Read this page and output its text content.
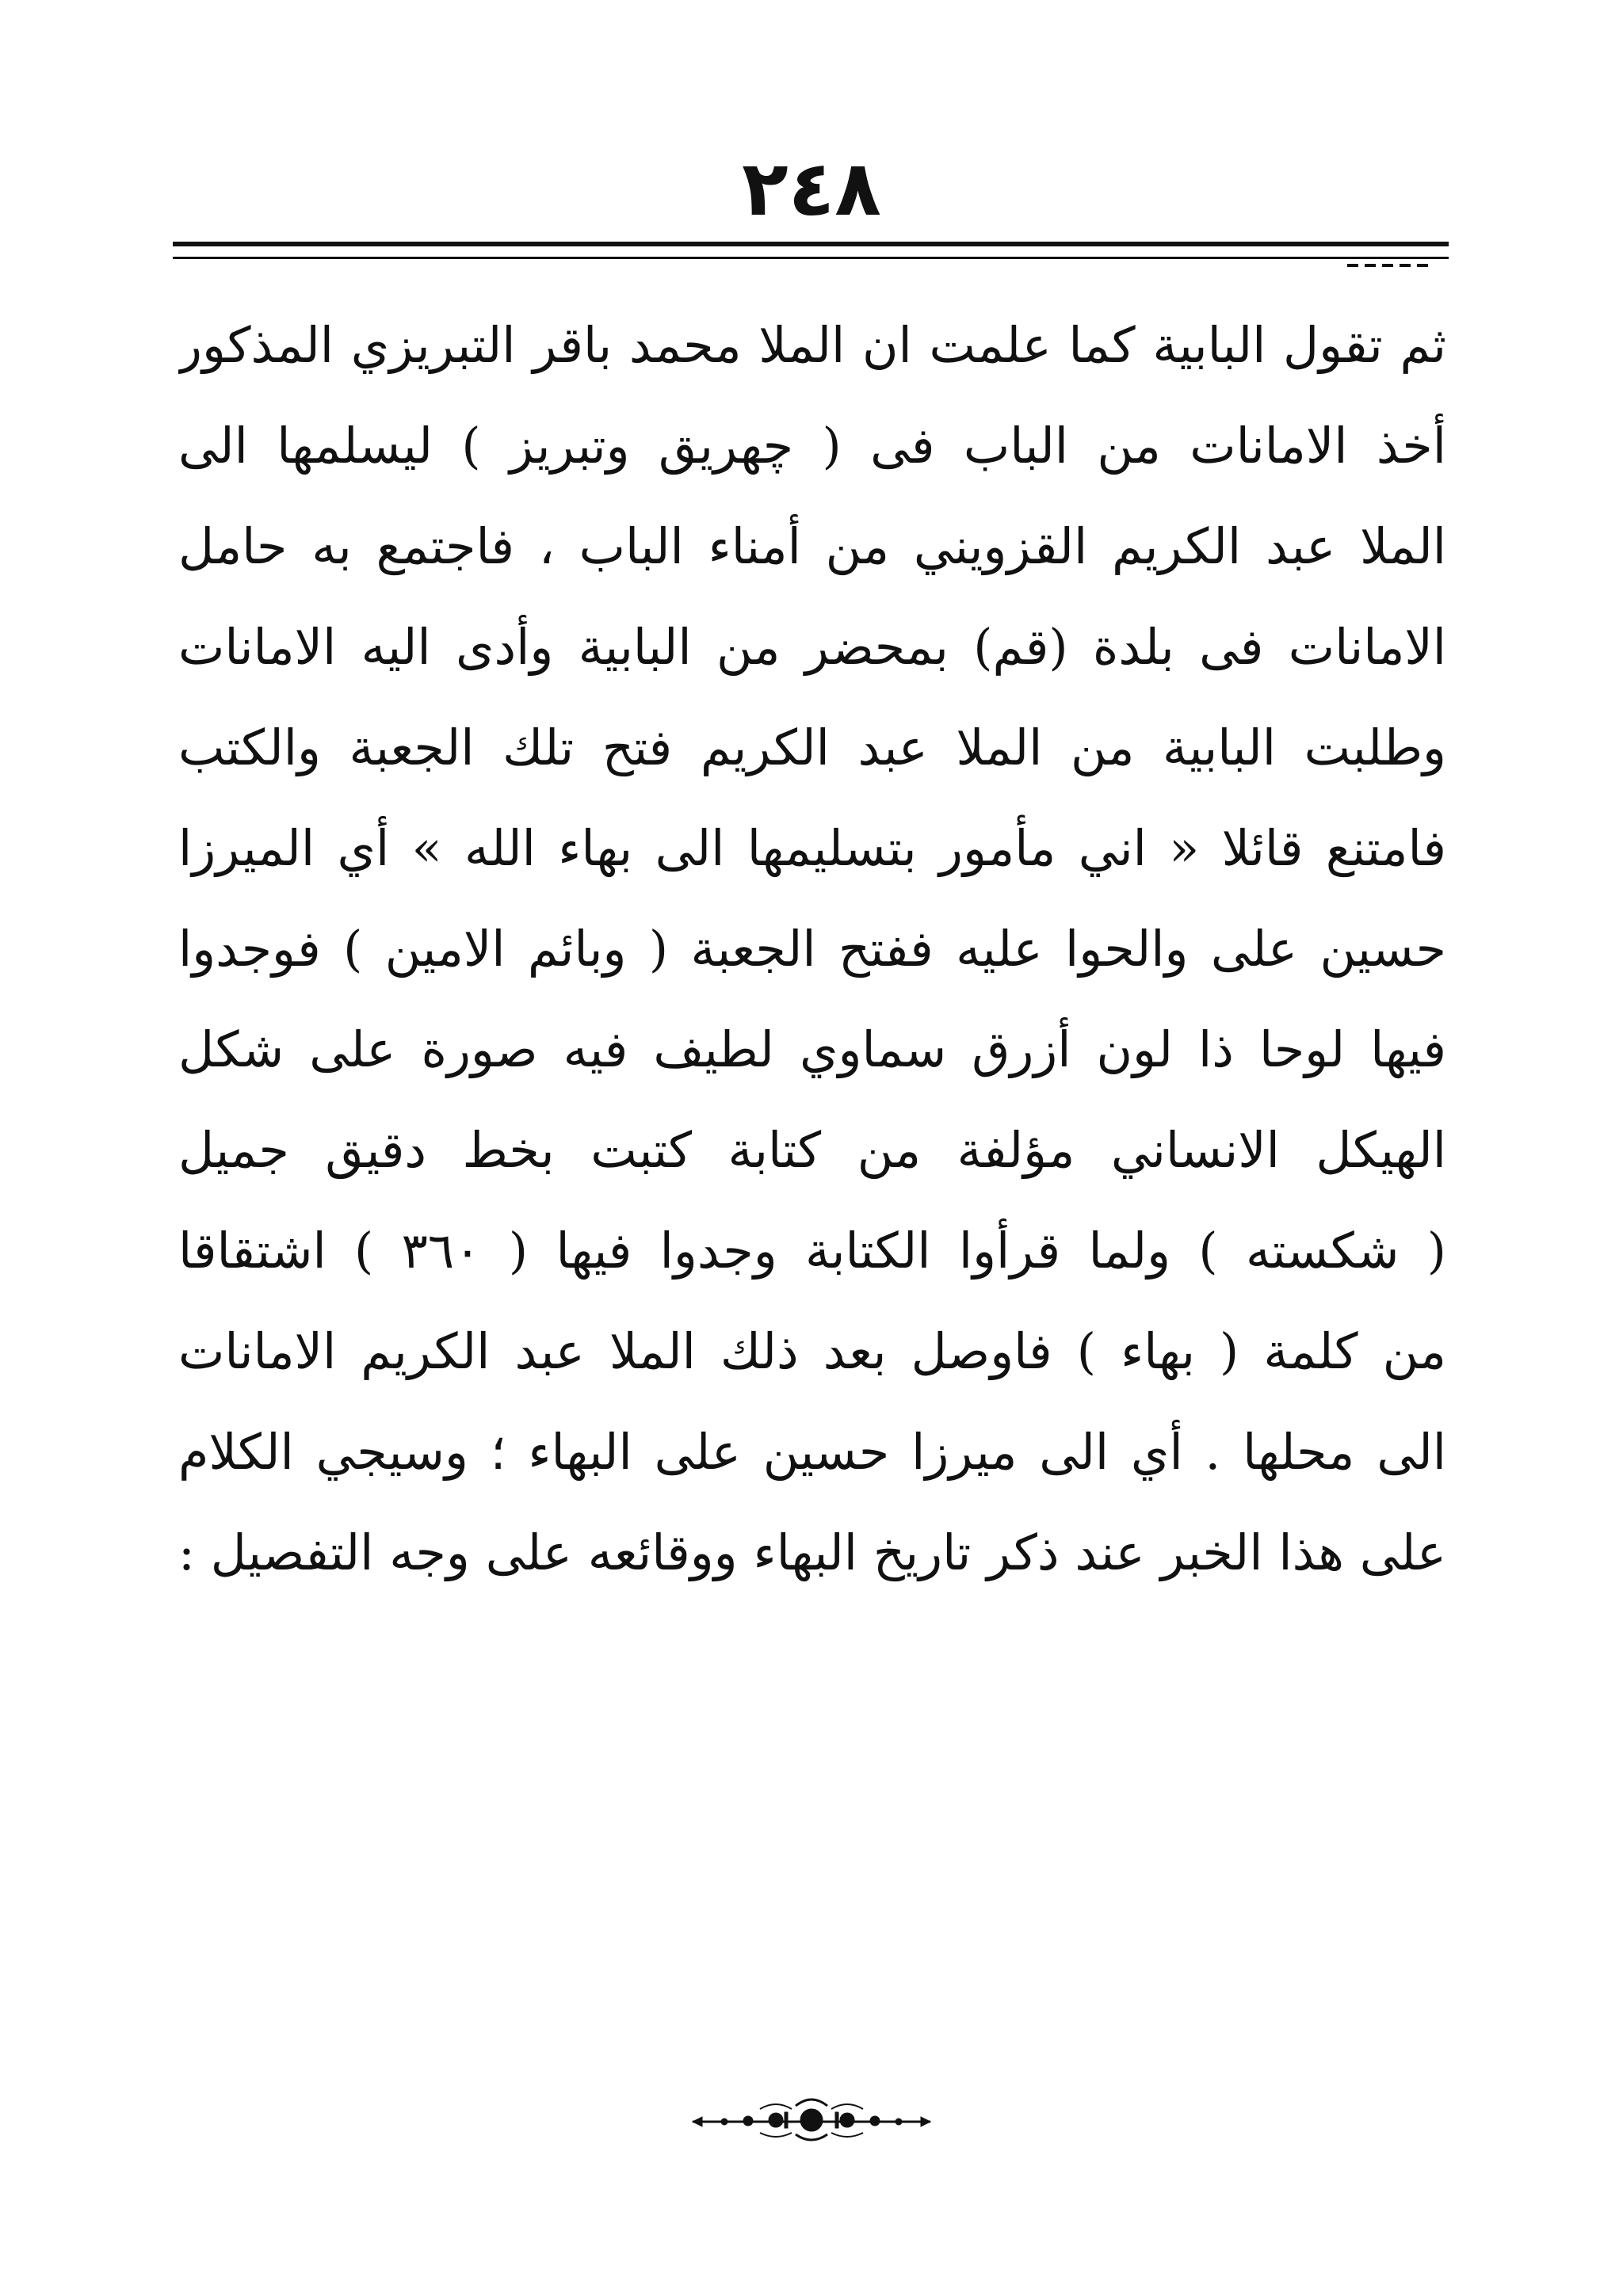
٢٤٨
ثم تقول البابية كما علمت ان الملا محمد باقر التبريزي المذكور
أخذ الامانات من الباب فى ( چهريق وتبريز ) ليسلمها الى
الملا عبد الكريم القزويني من أمناء الباب ، فاجتمع به حامل
الامانات فى بلدة (قم) بمحضر من البابية وأدى اليه الامانات
وطلبت البابية من الملا عبد الكريم فتح تلك الجعبة والكتب
فامتنع قائلا « اني مأمور بتسليمها الى بهاء الله » أي الميرزا
حسين على والحوا عليه ففتح الجعبة ( وبائم الامين ) فوجدوا
فيها لوحا ذا لون أزرق سماوي لطيف فيه صورة على شكل
الهيكل الانساني مؤلفة من كتابة كتبت بخط دقيق جميل
( شكسته ) ولما قرأوا الكتابة وجدوا فيها ( ٣٦٠ ) اشتقاقا
من كلمة ( بهاء ) فاوصل بعد ذلك الملا عبد الكريم الامانات
الى محلها . أي الى ميرزا حسين على البهاء ؛ وسيجي الكلام
على هذا الخبر عند ذكر تاريخ البهاء ووقائعه على وجه التفصيل :
